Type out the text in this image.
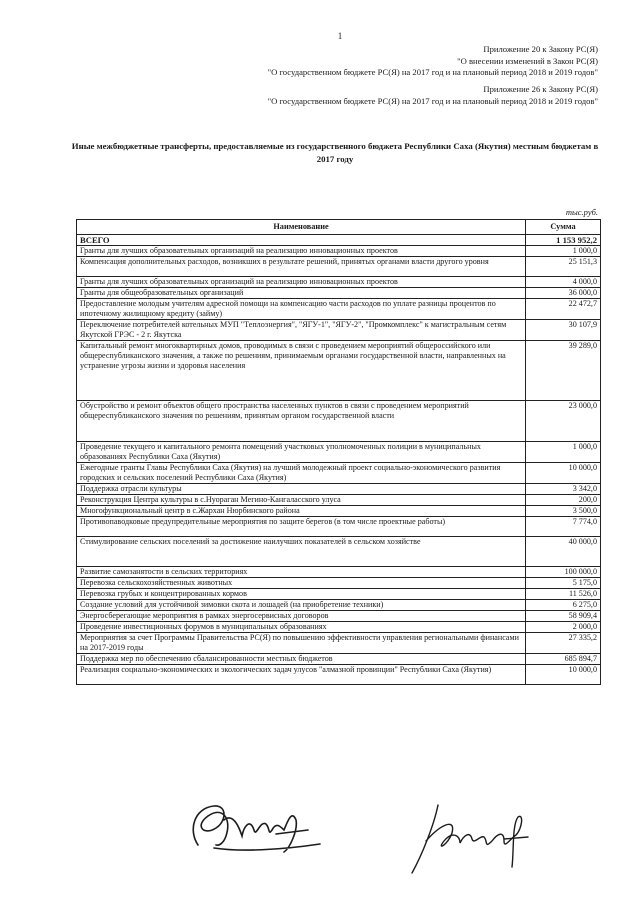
1
Приложение 20 к Закону РС(Я)
"О внесении изменений в Закон РС(Я)
"О государственном бюджете РС(Я) на 2017 год и на плановый период 2018 и 2019 годов"
Приложение 26 к Закону РС(Я)
"О государственном бюджете РС(Я) на 2017 год и на плановый период 2018 и 2019 годов"
Иные межбюджетные трансферты, предоставляемые из государственного бюджета Республики Саха (Якутия) местным бюджетам в 2017 году
тыс.руб.
Наименование	Сумма
ВСЕГО	1 153 952,2
Гранты для лучших образовательных организаций на реализацию инновационных проектов	1 000,0
Компенсация дополнительных расходов, возникших в результате решений, принятых органами власти другого уровня	25 151,3
Гранты для лучших образовательных организаций на реализацию инновационных проектов	4 000,0
Гранты для общеобразовательных организаций	36 000,0
Предоставление молодым учителям адресной помощи на компенсацию части расходов по уплате разницы процентов по ипотечному жилищному кредиту (займу)	22 472,7
Переключение потребителей котельных МУП "Теплоэнергия", "ЯГУ-1", "ЯГУ-2", "Промкомплекс" к магистральным сетям Якутской ГРЭС - 2 г. Якутска	30 107,9
Капитальный ремонт многоквартирных домов, проводимых в связи с проведением мероприятий общероссийского или общереспубликанского значения, а также по решениям, принимаемым органами государственной власти, направленных на устранение угрозы жизни и здоровья населения	39 289,0
Обустройство и ремонт объектов общего пространства населенных пунктов в связи с проведением мероприятий общереспубликанского значения по решениям, принятым органом государственной власти	23 000,0
Проведение текущего и капитального ремонта помещений участковых уполномоченных полиции в муниципальных образованиях Республики Саха (Якутия)	1 000,0
Ежегодные гранты Главы Республики Саха (Якутия) на лучший молодежный проект социально-экономического развития городских и сельских поселений Республики Саха (Якутия)	10 000,0
Поддержка отрасли культуры	3 342,0
Реконструкция Центра культуры в с.Нуораган Мегино-Кангаласского улуса	200,0
Многофункциональный центр в с.Жархан Нюрбинского района	3 500,0
Противопаводковые предупредительные мероприятия по защите берегов (в том числе проектные работы)	7 774,0
Стимулирование сельских поселений за достижение наилучших показателей в сельском хозяйстве	40 000,0
Развитие самозанятости в сельских территориях	100 000,0
Перевозка сельскохозяйственных животных	5 175,0
Перевозка грубых и концентрированных кормов	11 526,0
Создание условий для устойчивой зимовки скота и лошадей (на приобретение техники)	6 275,0
Энергосберегающие мероприятия в рамках энергосервисных договоров	58 909,4
Проведение инвестиционных форумов в муниципальных образованиях	2 000,0
Мероприятия за счет Программы Правительства РС(Я) по повышению эффективности управления региональными финансами на 2017-2019 годы	27 335,2
Поддержка мер по обеспечению сбалансированности местных бюджетов	685 894,7
Реализация социально-экономических и экологических задач улусов "алмазной провинции" Республики Саха (Якутия)	10 000,0
